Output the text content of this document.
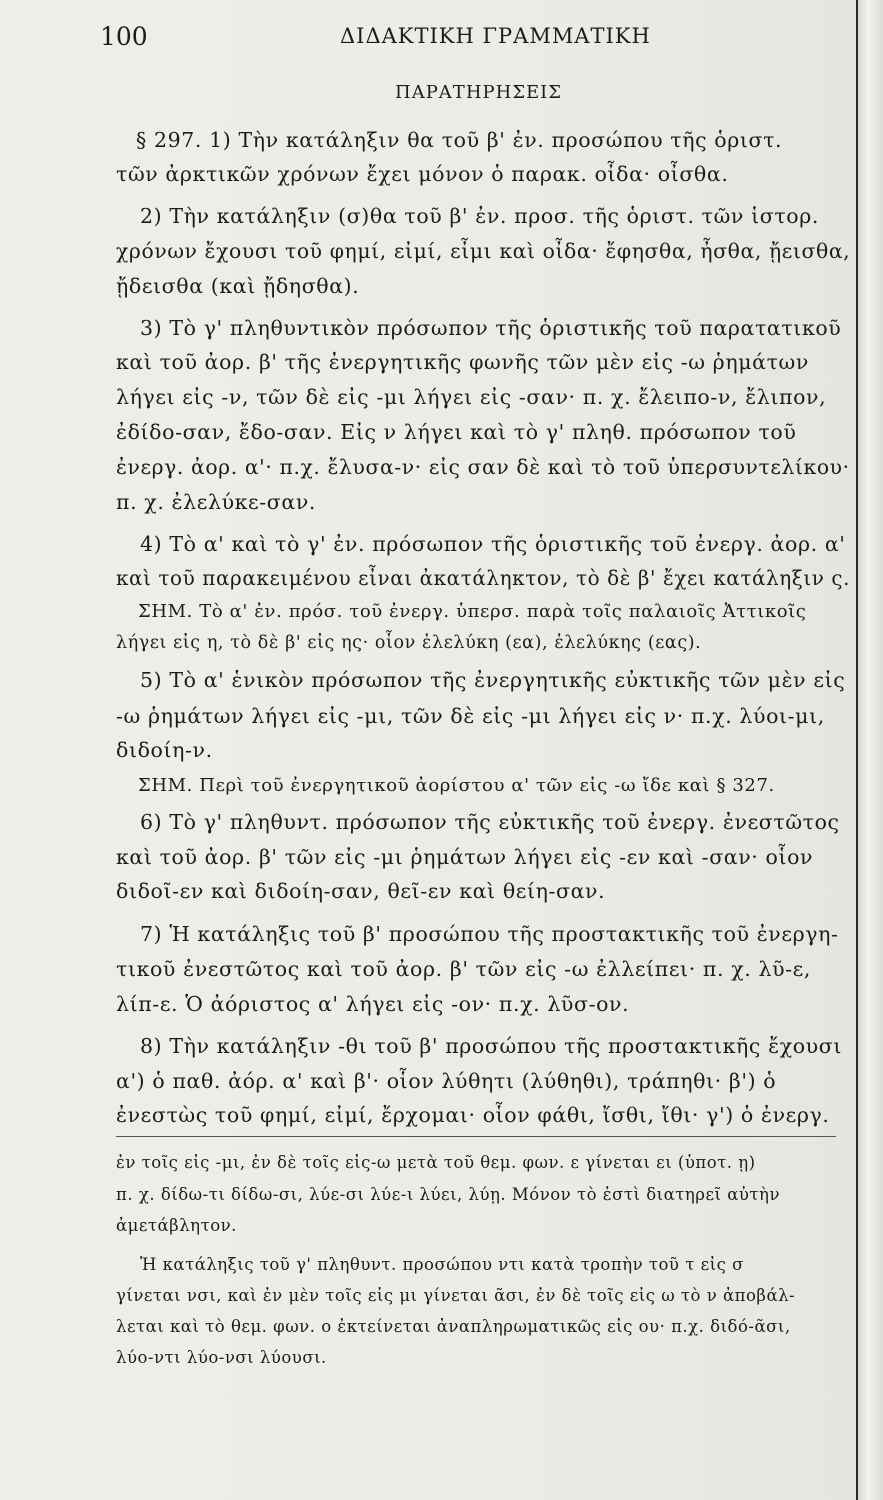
100	ΔΙΔΑΚΤΙΚΗ ΓΡΑΜΜΑΤΙΚΗ
ΠΑΡΑΤΗΡΗΣΕΙΣ
§ 297. 1) Τὴν κατάληξιν θα τοῦ β' ἐν. προσώπου τῆς ὁριστ.
τῶν ἀρκτικῶν χρόνων ἔχει μόνον ὁ παρακ. οἶδα· οἶσθα.
2) Τὴν κατάληξιν (σ)θα τοῦ β' ἐν. προσ. τῆς ὁριστ. τῶν ἱστορ.
χρόνων ἔχουσι τοῦ φημί, εἰμί, εἶμι καὶ οἶδα· ἔφησθα, ἦσθα, ᾔεισθα,
ᾔδεισθα (καὶ ᾔδησθα).
3) Τὸ γ' πληθυντικὸν πρόσωπον τῆς ὁριστικῆς τοῦ παρατατικοῦ
καὶ τοῦ ἀορ. β' τῆς ἐνεργητικῆς φωνῆς τῶν μὲν εἰς -ω ῥημάτων
λήγει εἰς -ν, τῶν δὲ εἰς -μι λήγει εἰς -σαν· π. χ. ἔλειπο-ν, ἔλιπον,
ἐδίδο-σαν, ἔδο-σαν. Εἰς ν λήγει καὶ τὸ γ' πληθ. πρόσωπον τοῦ
ἐνεργ. ἀορ. α'· π.χ. ἔλυσα-ν· εἰς σαν δὲ καὶ τὸ τοῦ ὑπερσυντελίκου·
π. χ. ἐλελύκε-σαν.
4) Τὸ α' καὶ τὸ γ' ἐν. πρόσωπον τῆς ὁριστικῆς τοῦ ἐνεργ. ἀορ. α'
καὶ τοῦ παρακειμένου εἶναι ἀκατάληκτον, τὸ δὲ β' ἔχει κατάληξιν ς.
ΣΗΜ. Τὸ α' ἐν. πρόσ. τοῦ ἐνεργ. ὑπερσ. παρὰ τοῖς παλαιοῖς Ἀττικοῖς
λήγει εἰς η, τὸ δὲ β' εἰς ης· οἷον ἐλελύκη (εα), ἐλελύκης (εας).
5) Τὸ α' ἑνικὸν πρόσωπον τῆς ἐνεργητικῆς εὐκτικῆς τῶν μὲν εἰς
-ω ῥημάτων λήγει εἰς -μι, τῶν δὲ εἰς -μι λήγει εἰς ν· π.χ. λύοι-μι,
διδοίη-ν.
ΣΗΜ. Περὶ τοῦ ἐνεργητικοῦ ἀορίστου α' τῶν εἰς -ω ἴδε καὶ § 327.
6) Τὸ γ' πληθυντ. πρόσωπον τῆς εὐκτικῆς τοῦ ἐνεργ. ἐνεστῶτος
καὶ τοῦ ἀορ. β' τῶν εἰς -μι ῥημάτων λήγει εἰς -εν καὶ -σαν· οἷον
διδοῖ-εν καὶ διδοίη-σαν, θεῖ-εν καὶ θείη-σαν.
7) Ἡ κατάληξις τοῦ β' προσώπου τῆς προστακτικῆς τοῦ ἐνεργη-
τικοῦ ἐνεστῶτος καὶ τοῦ ἀορ. β' τῶν εἰς -ω ἐλλείπει· π. χ. λῦ-ε,
λίπ-ε. Ὁ ἀόριστος α' λήγει εἰς -ον· π.χ. λῦσ-ον.
8) Τὴν κατάληξιν -θι τοῦ β' προσώπου τῆς προστακτικῆς ἔχουσι
α') ὁ παθ. ἀόρ. α' καὶ β'· οἷον λύθητι (λύθηθι), τράπηθι· β') ὁ
ἐνεστὼς τοῦ φημί, εἰμί, ἔρχομαι· οἷον φάθι, ἴσθι, ἴθι· γ') ὁ ἐνεργ.
ἐν τοῖς εἰς -μι, ἐν δὲ τοῖς εἰς-ω μετὰ τοῦ θεμ. φων. ε γίνεται ει (ὑποτ. ῃ)
π. χ. δίδω-τι δίδω-σι, λύε-σι λύε-ι λύει, λύῃ. Μόνον τὸ ἐστὶ διατηρεῖ αὐτὴν
ἀμετάβλητον.
Ἡ κατάληξις τοῦ γ' πληθυντ. προσώπου ντι κατὰ τροπὴν τοῦ τ εἰς σ
γίνεται νσι, καὶ ἐν μὲν τοῖς εἰς μι γίνεται ᾶσι, ἐν δὲ τοῖς εἰς ω τὸ ν ἀποβάλ-
λεται καὶ τὸ θεμ. φων. ο ἐκτείνεται ἀναπληρωματικῶς εἰς ου· π.χ. διδό-ᾶσι,
λύο-ντι λύο-νσι λύουσι.
